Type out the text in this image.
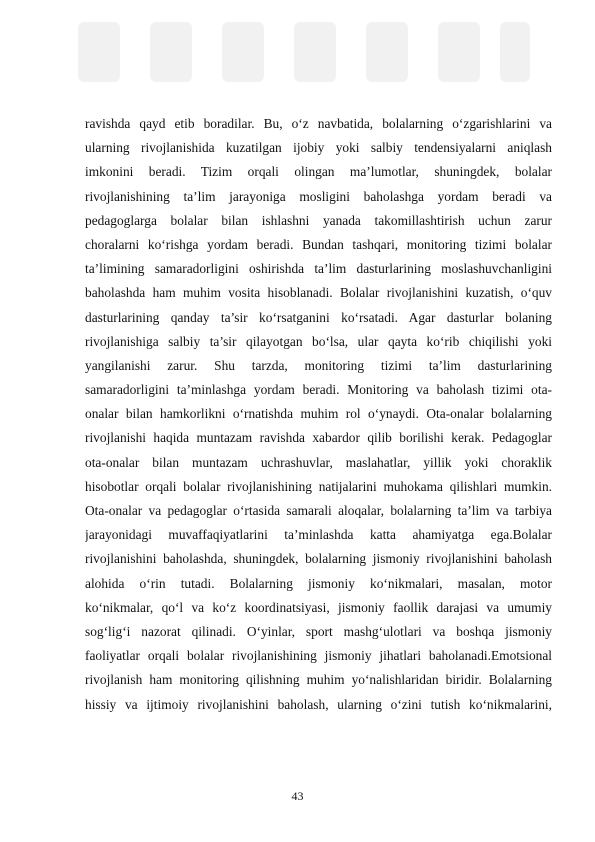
ravishda qayd etib boradilar. Bu, o‘z navbatida, bolalarning o‘zgarishlarini va
ularning rivojlanishida kuzatilgan ijobiy yoki salbiy tendensiyalarni aniqlash
imkonini beradi. Tizim orqali olingan ma’lumotlar, shuningdek, bolalar
rivojlanishining ta’lim jarayoniga mosligini baholashga yordam beradi va
pedagoglarga bolalar bilan ishlashni yanada takomillashtirish uchun zarur
choralarni ko‘rishga yordam beradi. Bundan tashqari, monitoring tizimi bolalar
ta’limining samaradorligini oshirishda ta’lim dasturlarining moslashuvchanligini
baholashda ham muhim vosita hisoblanadi. Bolalar rivojlanishini kuzatish, o‘quv
dasturlarining qanday ta’sir ko‘rsatganini ko‘rsatadi. Agar dasturlar bolaning
rivojlanishiga salbiy ta’sir qilayotgan bo‘lsa, ular qayta ko‘rib chiqilishi yoki
yangilanishi zarur. Shu tarzda, monitoring tizimi ta’lim dasturlarining
samaradorligini ta’minlashga yordam beradi. Monitoring va baholash tizimi ota-
onalar bilan hamkorlikni o‘rnatishda muhim rol o‘ynaydi. Ota-onalar bolalarning
rivojlanishi haqida muntazam ravishda xabardor qilib borilishi kerak. Pedagoglar
ota-onalar bilan muntazam uchrashuvlar, maslahatlar, yillik yoki choraklik
hisobotlar orqali bolalar rivojlanishining natijalarini muhokama qilishlari mumkin.
Ota-onalar va pedagoglar o‘rtasida samarali aloqalar, bolalarning ta’lim va tarbiya
jarayonidagi muvaffaqiyatlarini ta’minlashda katta ahamiyatga ega.Bolalar
rivojlanishini baholashda, shuningdek, bolalarning jismoniy rivojlanishini baholash
alohida o‘rin tutadi. Bolalarning jismoniy ko‘nikmalari, masalan, motor
ko‘nikmalar, qo‘l va ko‘z koordinatsiyasi, jismoniy faollik darajasi va umumiy
sog‘lig‘i nazorat qilinadi. O‘yinlar, sport mashg‘ulotlari va boshqa jismoniy
faoliyatlar orqali bolalar rivojlanishining jismoniy jihatlari baholanadi.Emotsional
rivojlanish ham monitoring qilishning muhim yo‘nalishlaridan biridir. Bolalarning
hissiy va ijtimoiy rivojlanishini baholash, ularning o‘zini tutish ko‘nikmalarini,
43
